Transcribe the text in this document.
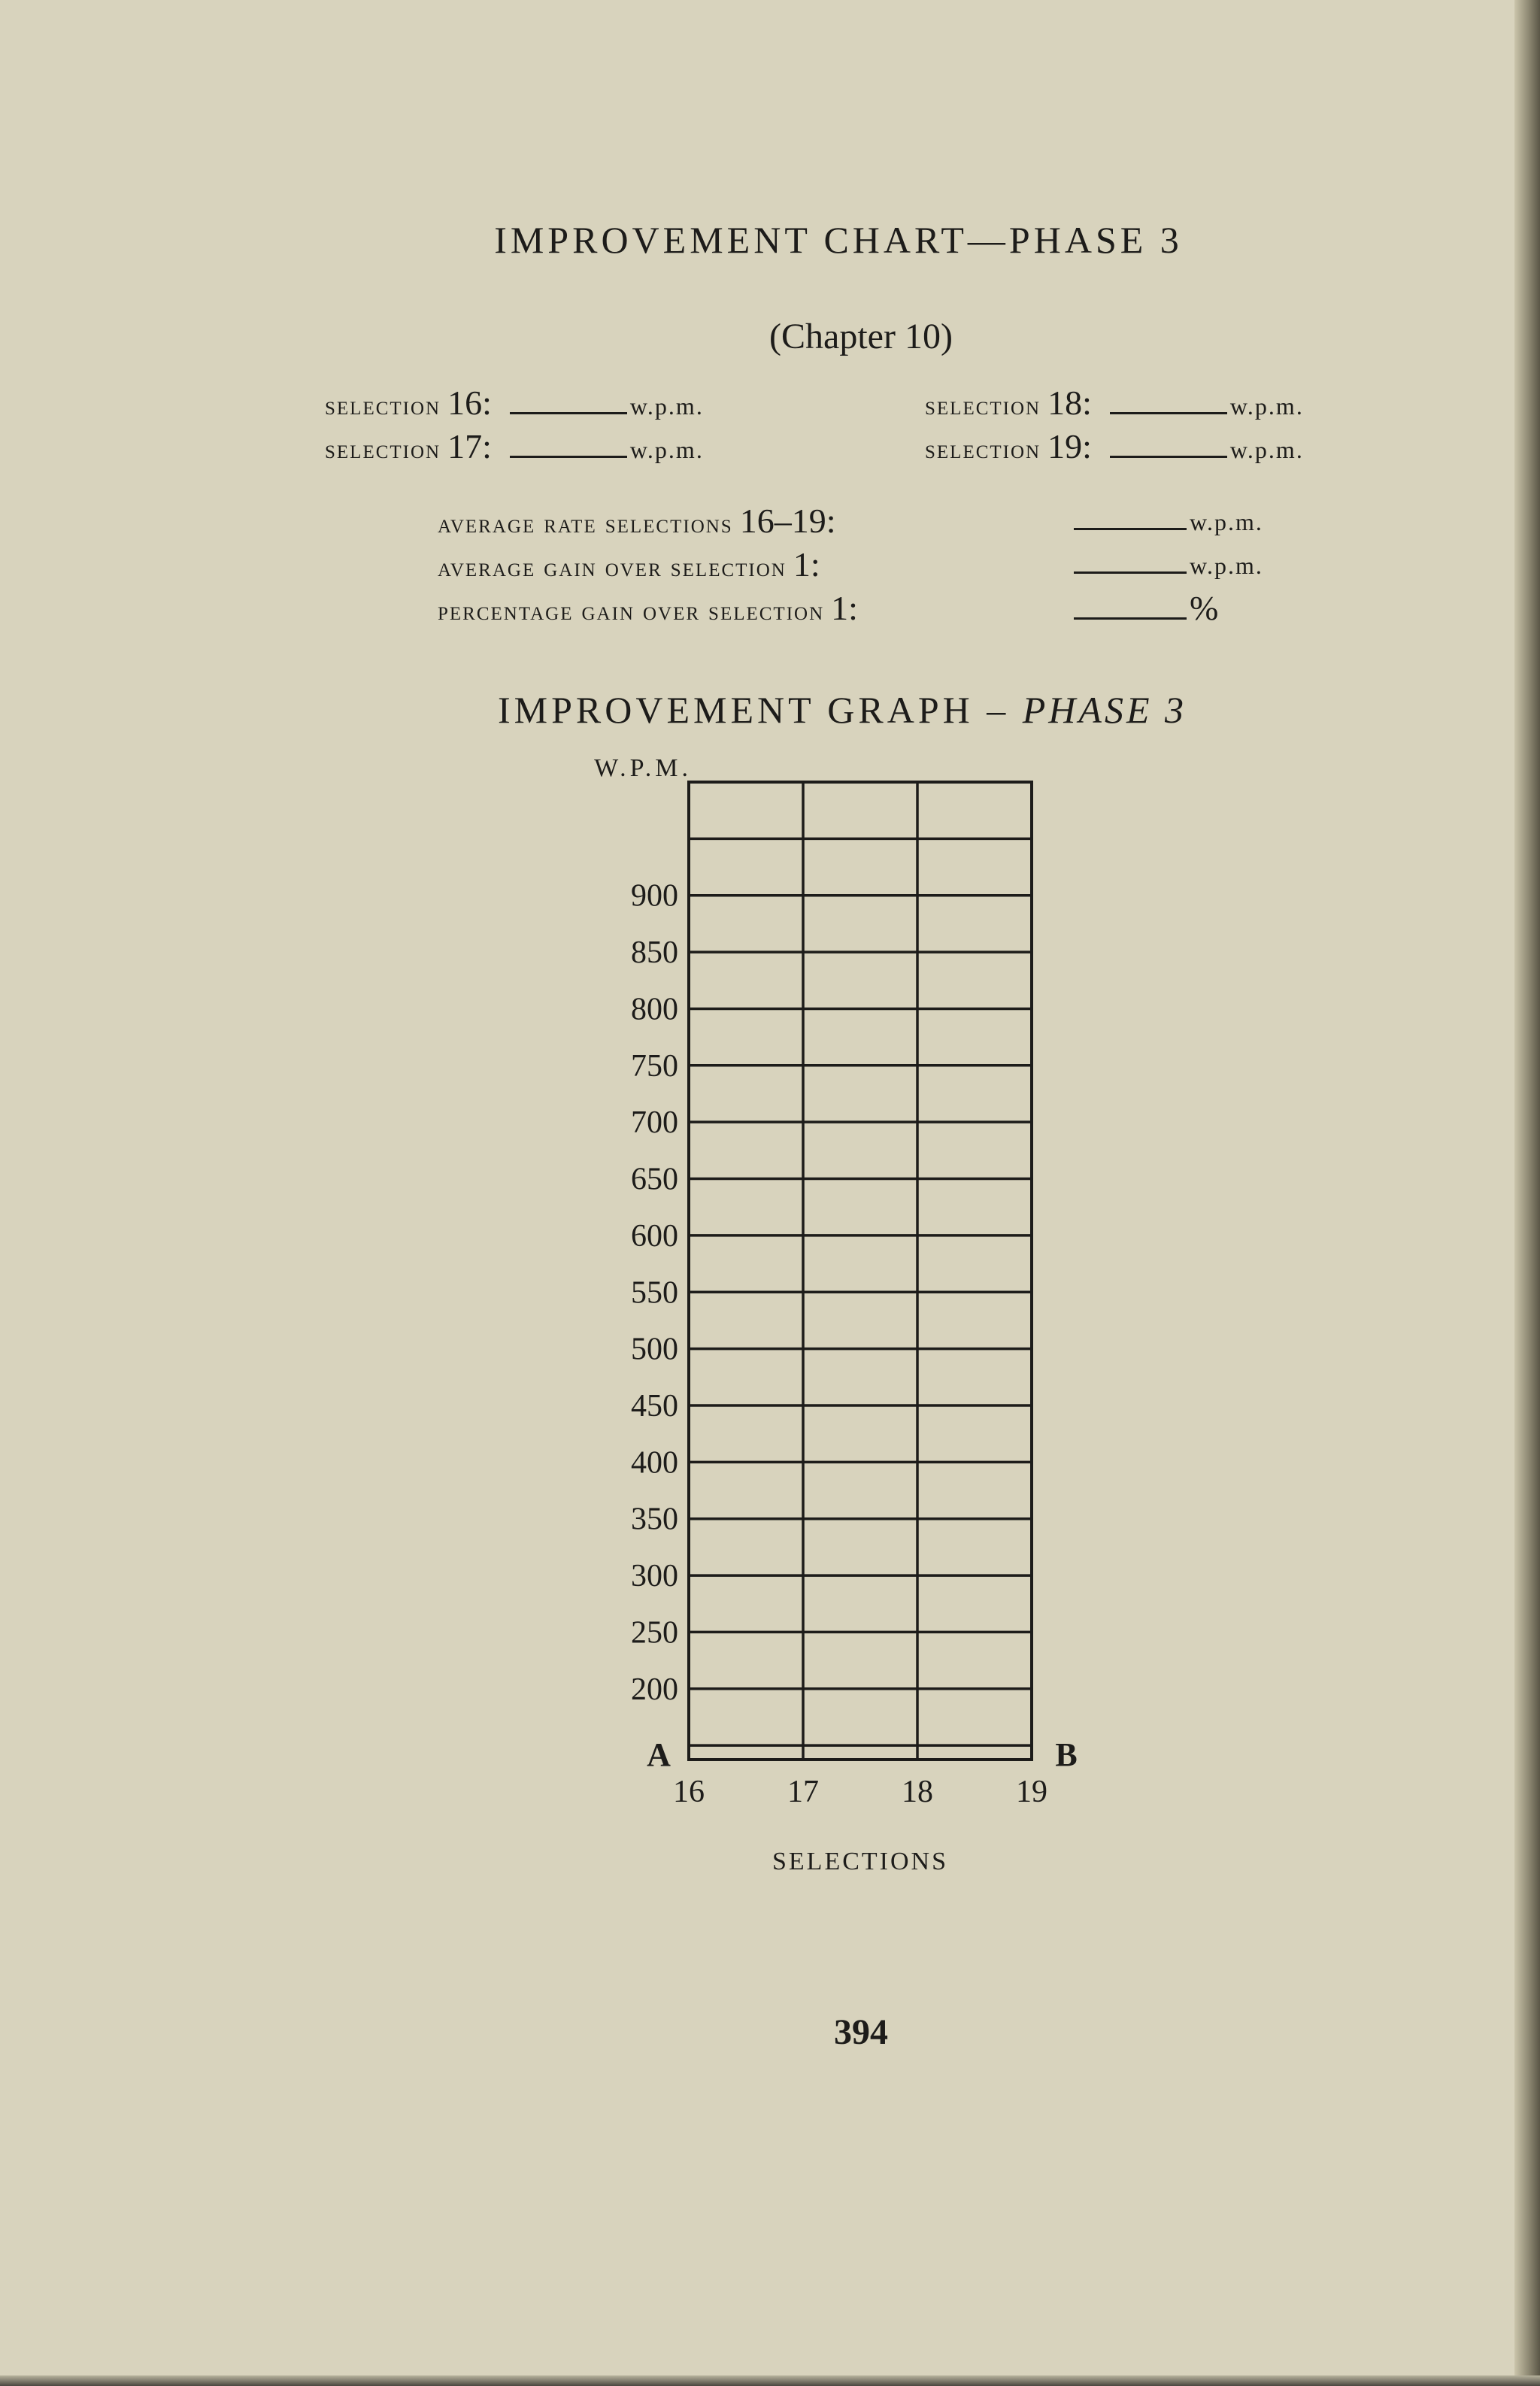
IMPROVEMENT CHART—PHASE 3
(Chapter 10)
selection 16:	w.p.m.
selection 17:	w.p.m.
selection 18:	w.p.m.
selection 19:	w.p.m.
average rate selections 16–19:	w.p.m.
average gain over selection 1:	w.p.m.
percentage gain over selection 1:	%
IMPROVEMENT GRAPH – PHASE 3
900
850
800
750
700
650
600
550
500
450
400
350
300
250
200
W.P.M.
16	17	18	19
A	B
SELECTIONS
394
